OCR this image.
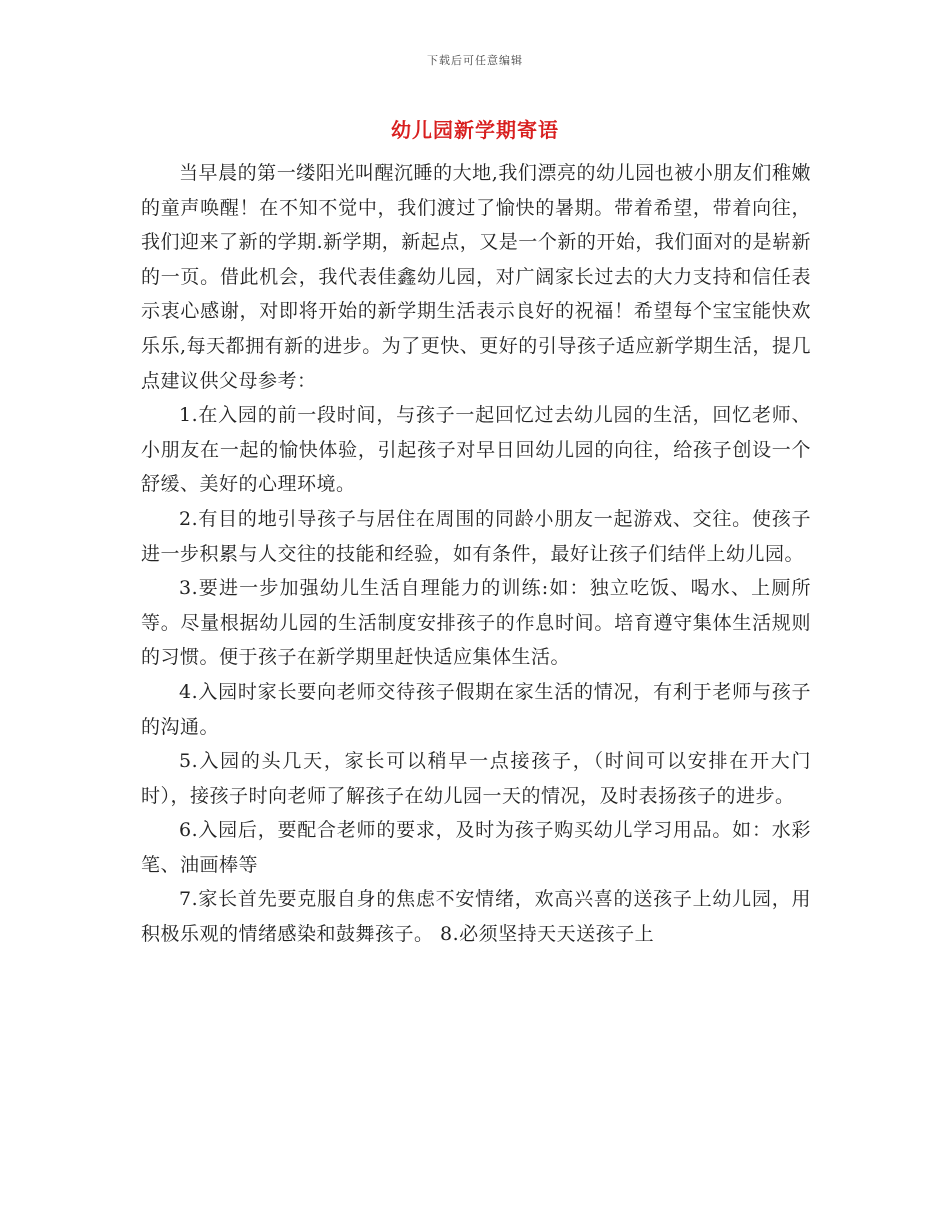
下载后可任意编辑
幼儿园新学期寄语

当早晨的第一缕阳光叫醒沉睡的大地,我们漂亮的幼儿园也被小朋友们稚嫩的童声唤醒！在不知不觉中，我们渡过了愉快的暑期。带着希望，带着向往，我们迎来了新的学期.新学期，新起点，又是一个新的开始，我们面对的是崭新的一页。借此机会，我代表佳鑫幼儿园，对广阔家长过去的大力支持和信任表示衷心感谢，对即将开始的新学期生活表示良好的祝福！希望每个宝宝能快欢乐乐,每天都拥有新的进步。为了更快、更好的引导孩子适应新学期生活，提几点建议供父母参考：

1.在入园的前一段时间，与孩子一起回忆过去幼儿园的生活，回忆老师、小朋友在一起的愉快体验，引起孩子对早日回幼儿园的向往，给孩子创设一个舒缓、美好的心理环境。

2.有目的地引导孩子与居住在周围的同龄小朋友一起游戏、交往。使孩子进一步积累与人交往的技能和经验，如有条件，最好让孩子们结伴上幼儿园。

3.要进一步加强幼儿生活自理能力的训练:如：独立吃饭、喝水、上厕所等。尽量根据幼儿园的生活制度安排孩子的作息时间。培育遵守集体生活规则的习惯。便于孩子在新学期里赶快适应集体生活。

4.入园时家长要向老师交待孩子假期在家生活的情况，有利于老师与孩子的沟通。

5.入园的头几天，家长可以稍早一点接孩子，（时间可以安排在开大门时），接孩子时向老师了解孩子在幼儿园一天的情况，及时表扬孩子的进步。

6.入园后，要配合老师的要求，及时为孩子购买幼儿学习用品。如：水彩笔、油画棒等

7.家长首先要克服自身的焦虑不安情绪，欢高兴喜的送孩子上幼儿园，用积极乐观的情绪感染和鼓舞孩子。 8.必须坚持天天送孩子上
